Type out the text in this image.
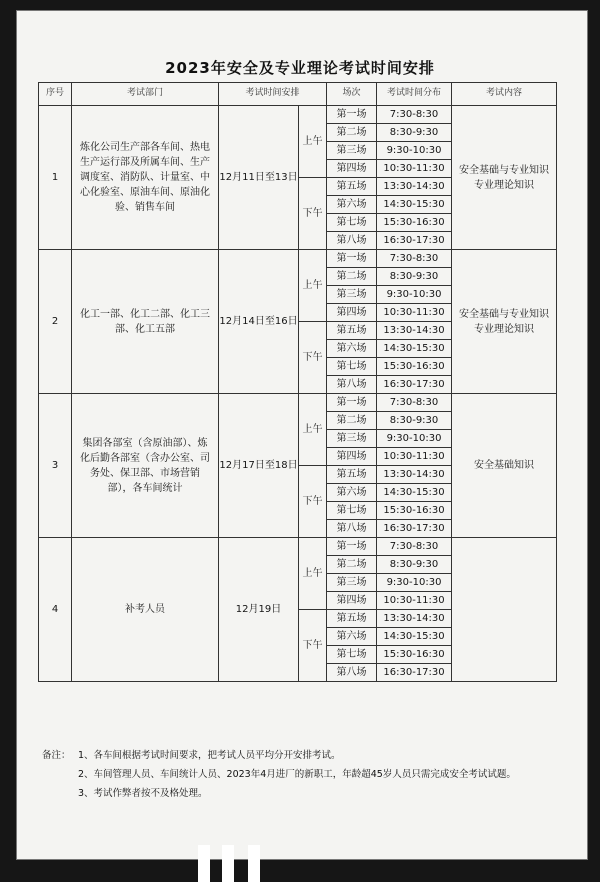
2023年安全及专业理论考试时间安排
序号	考试部门	考试时间安排		场次	考试时间分布	考试内容
1	炼化公司生产部各车间、热电生产运行部及所属车间、生产调度室、消防队、计量室、中心化验室、原油车间、原油化验、销售车间	12月11日至13日	上午	第一场	7:30-8:30	安全基础与专业知识专业理论知识
				第二场	8:30-9:30	
				第三场	9:30-10:30	
				第四场	10:30-11:30	
			下午	第五场	13:30-14:30	
				第六场	14:30-15:30	
				第七场	15:30-16:30	
				第八场	16:30-17:30	
2	化工一部、化工二部、化工三部、化工五部	12月14日至16日	上午	第一场	7:30-8:30	安全基础与专业知识专业理论知识
				第二场	8:30-9:30	
				第三场	9:30-10:30	
				第四场	10:30-11:30	
			下午	第五场	13:30-14:30	
				第六场	14:30-15:30	
				第七场	15:30-16:30	
				第八场	16:30-17:30	
3	集团各部室（含原油部）、炼化后勤各部室（含办公室、司务处、保卫部、市场营销部），各车间统计	12月17日至18日	上午	第一场	7:30-8:30	安全基础知识
				第二场	8:30-9:30	
				第三场	9:30-10:30	
				第四场	10:30-11:30	
			下午	第五场	13:30-14:30	
				第六场	14:30-15:30	
				第七场	15:30-16:30	
				第八场	16:30-17:30	
4	补考人员	12月19日	上午	第一场	7:30-8:30	
				第二场	8:30-9:30	
				第三场	9:30-10:30	
				第四场	10:30-11:30	
			下午	第五场	13:30-14:30	
				第六场	14:30-15:30	
				第七场	15:30-16:30	
				第八场	16:30-17:30	
备注： 1、各车间根据考试时间要求，把考试人员平均分开安排考试。
2、车间管理人员、车间统计人员、2023年4月进厂的新职工，年龄超45岁人员只需完成安全考试试题。
3、考试作弊者按不及格处理。
